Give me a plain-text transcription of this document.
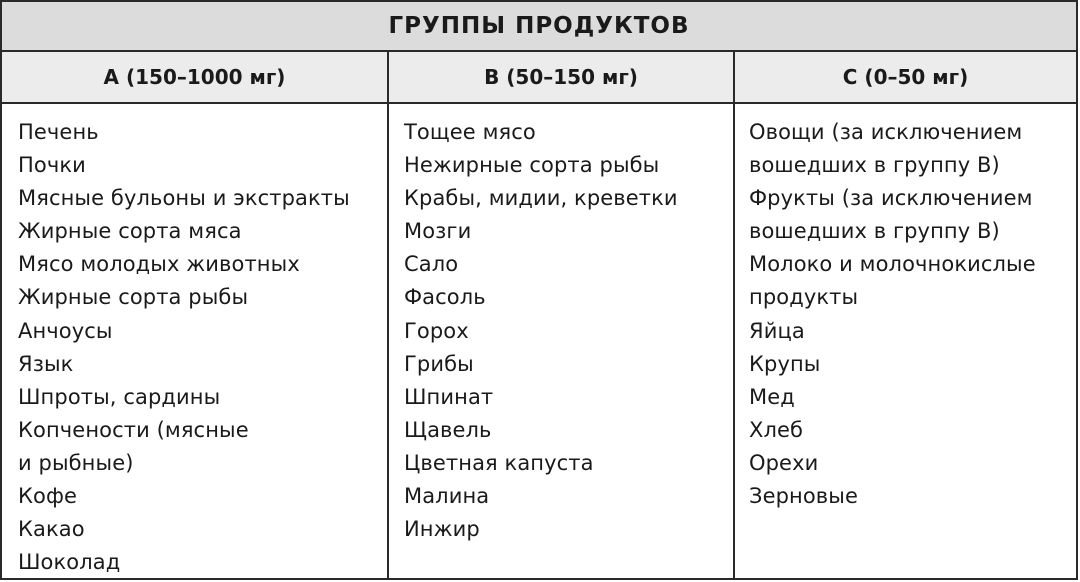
ГРУППЫ ПРОДУКТОВ
A (150–1000 мг)	B (50–150 мг)	C (0–50 мг)
Печень
Почки
Мясные бульоны и экстракты
Жирные сорта мяса
Мясо молодых животных
Жирные сорта рыбы
Анчоусы
Язык
Шпроты, сардины
Копчености (мясные
и рыбные)
Кофе
Какао
Шоколад
Тощее мясо
Нежирные сорта рыбы
Крабы, мидии, креветки
Мозги
Сало
Фасоль
Горох
Грибы
Шпинат
Щавель
Цветная капуста
Малина
Инжир
Овощи (за исключением
вошедших в группу В)
Фрукты (за исключением
вошедших в группу В)
Молоко и молочнокислые
продукты
Яйца
Крупы
Мед
Хлеб
Орехи
Зерновые
